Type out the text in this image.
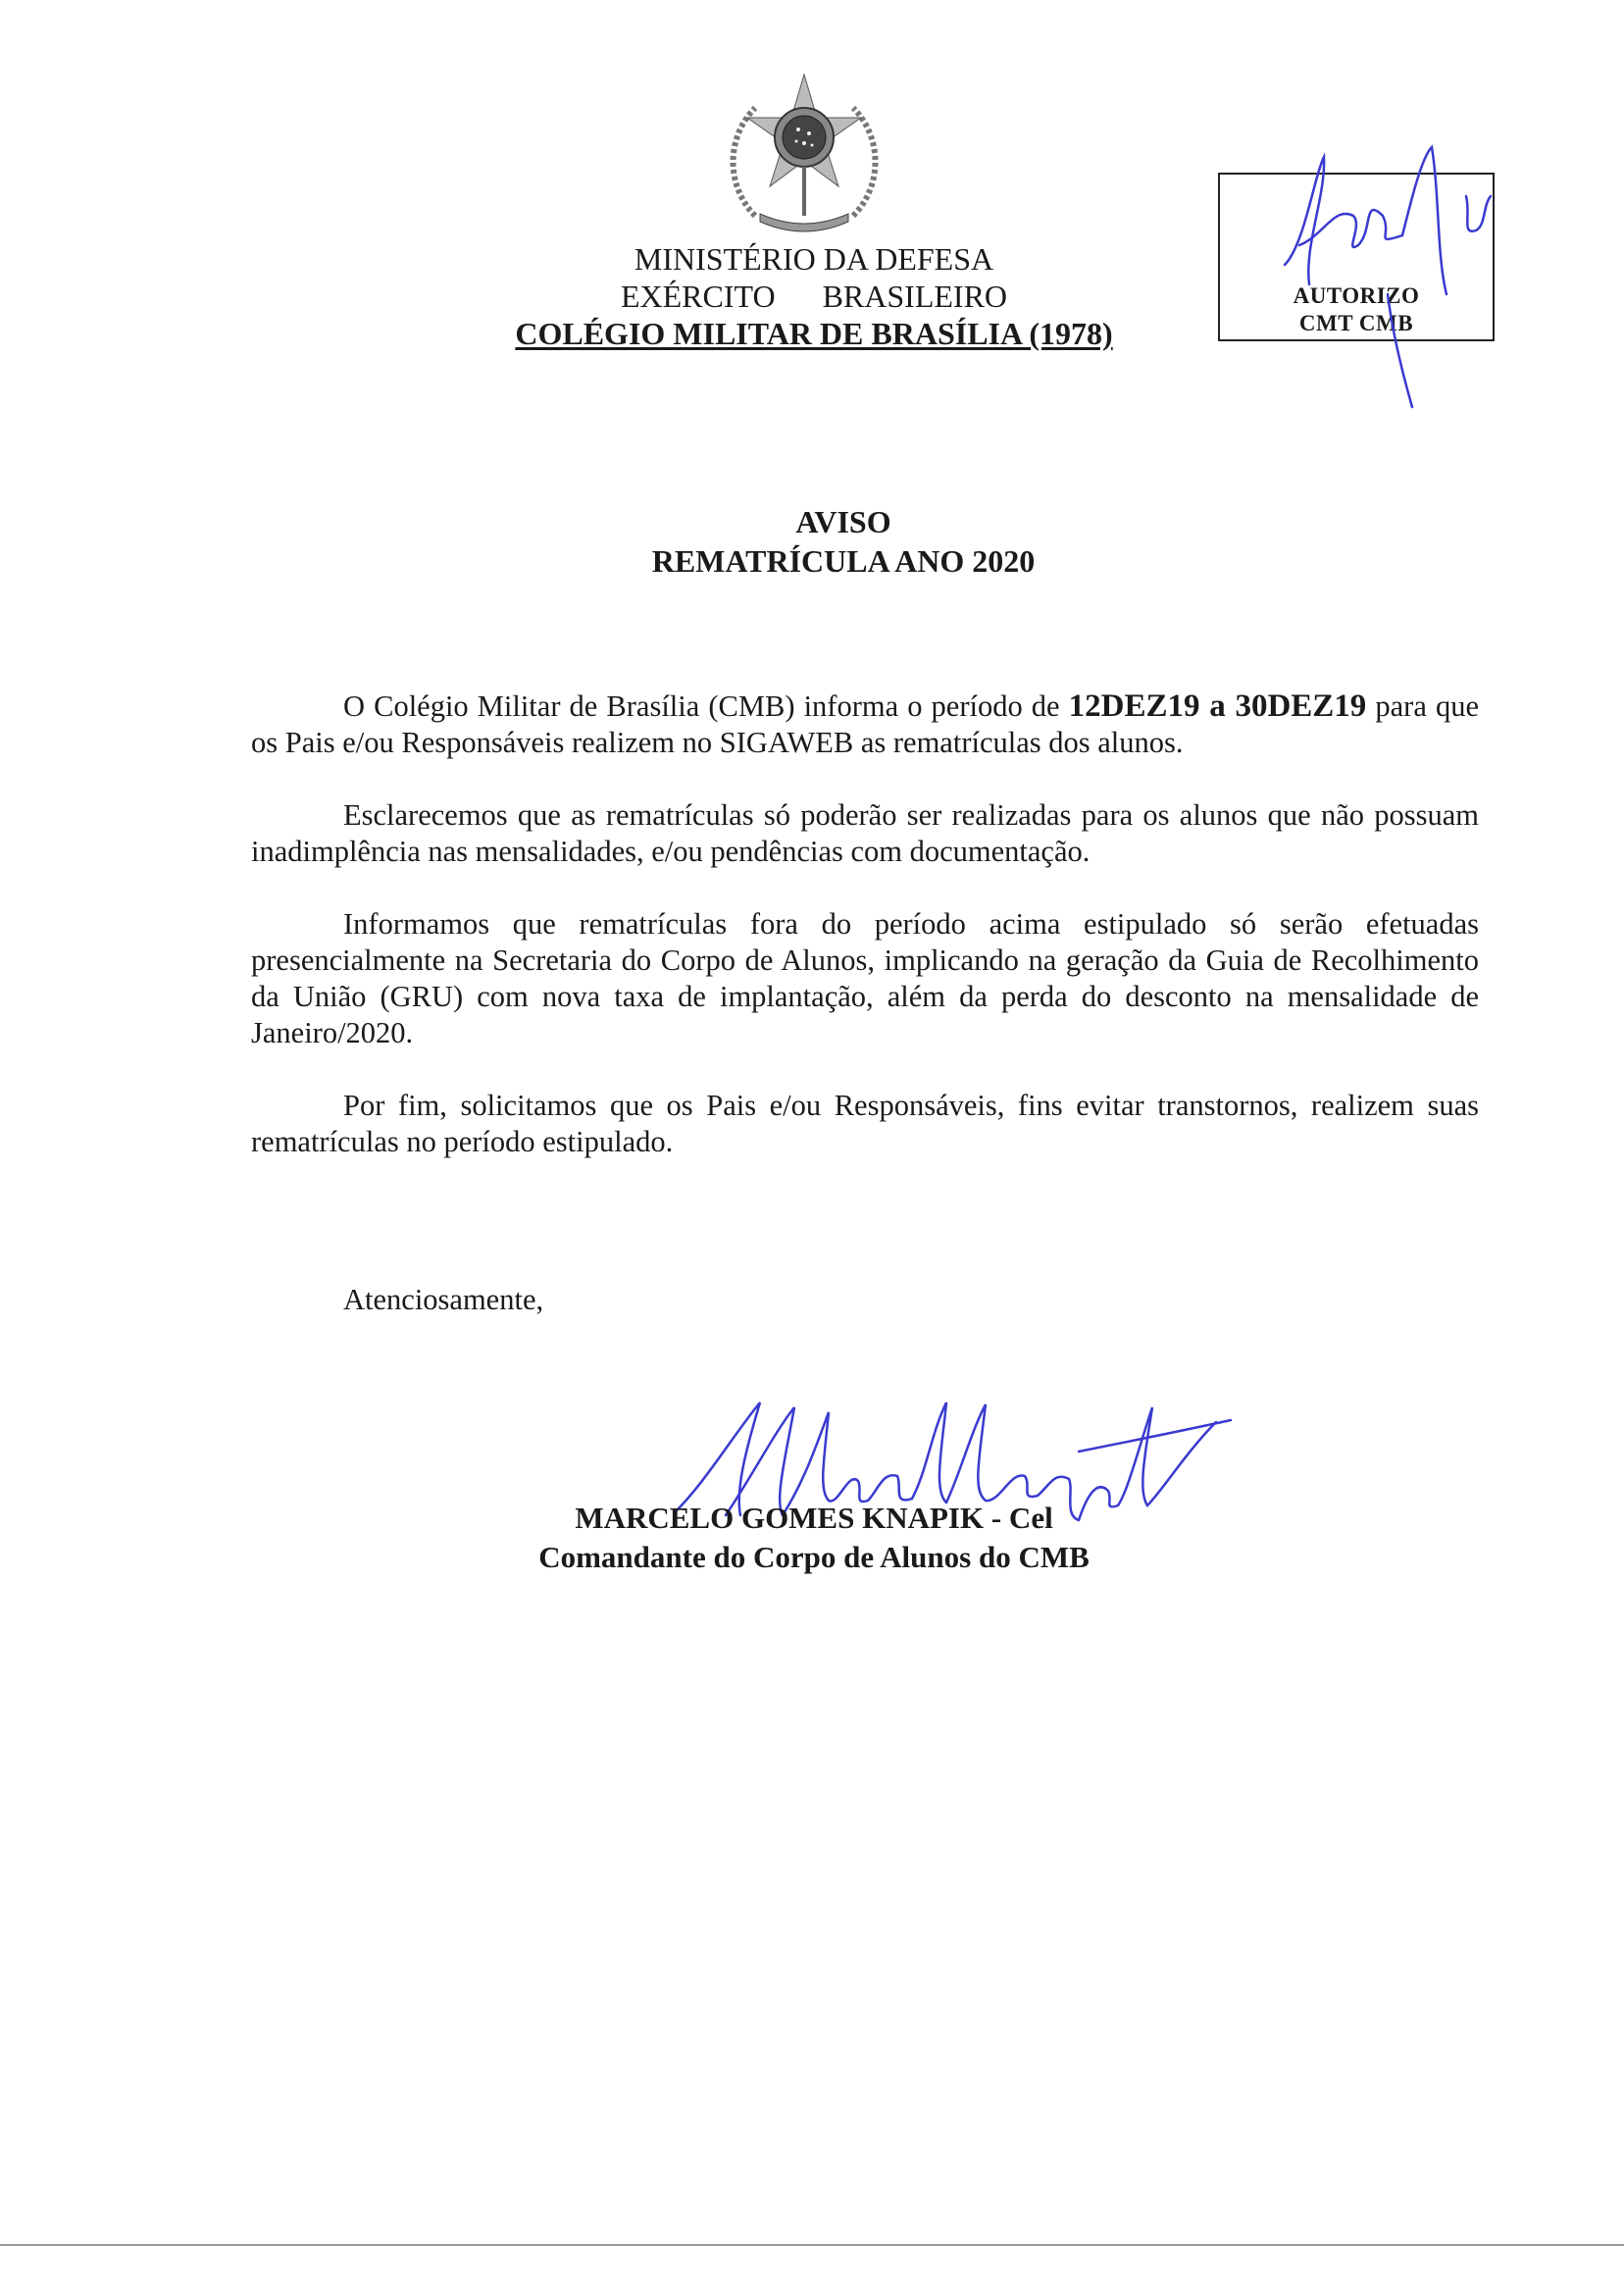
MINISTÉRIO DA DEFESA
EXÉRCITO      BRASILEIRO
COLÉGIO MILITAR DE BRASÍLIA (1978)
AUTORIZO
CMT CMB
AVISO
REMATRÍCULA ANO 2020

O Colégio Militar de Brasília (CMB) informa o período de 12DEZ19 a 30DEZ19 para que os Pais e/ou Responsáveis realizem no SIGAWEB as rematrículas dos alunos.

Esclarecemos que as rematrículas só poderão ser realizadas para os alunos que não possuam inadimplência nas mensalidades, e/ou pendências com documentação.

Informamos que rematrículas fora do período acima estipulado só serão efetuadas presencialmente na Secretaria do Corpo de Alunos, implicando na geração da Guia de Recolhimento da União (GRU) com nova taxa de implantação, além da perda do desconto na mensalidade de Janeiro/2020.

Por fim, solicitamos que os Pais e/ou Responsáveis, fins evitar transtornos, realizem suas rematrículas no período estipulado.

Atenciosamente,
MARCELO GOMES KNAPIK - Cel
Comandante do Corpo de Alunos do CMB
